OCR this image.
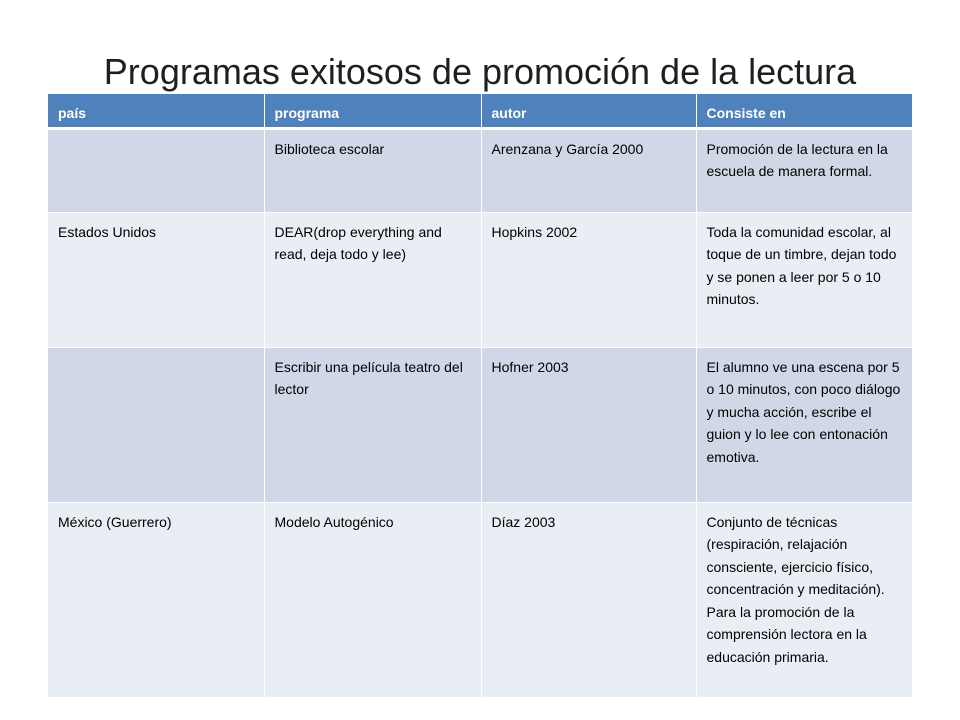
Programas exitosos de promoción de la lectura
país	programa	autor	Consiste en
	Biblioteca escolar	Arenzana y García 2000	Promoción de la lectura en la escuela de manera formal.
Estados Unidos	DEAR(drop everything and read, deja todo y lee)	Hopkins 2002	Toda la comunidad escolar, al toque de un timbre, dejan todo y se ponen a leer por 5 o 10 minutos.
	Escribir una película teatro del lector	Hofner 2003	El alumno ve una escena por 5 o 10 minutos, con poco diálogo y mucha acción, escribe el guion y lo lee con entonación emotiva.
México (Guerrero)	Modelo Autogénico	Díaz 2003	Conjunto de técnicas (respiración, relajación consciente, ejercicio físico, concentración y meditación). Para la promoción de la comprensión lectora en la educación primaria.
